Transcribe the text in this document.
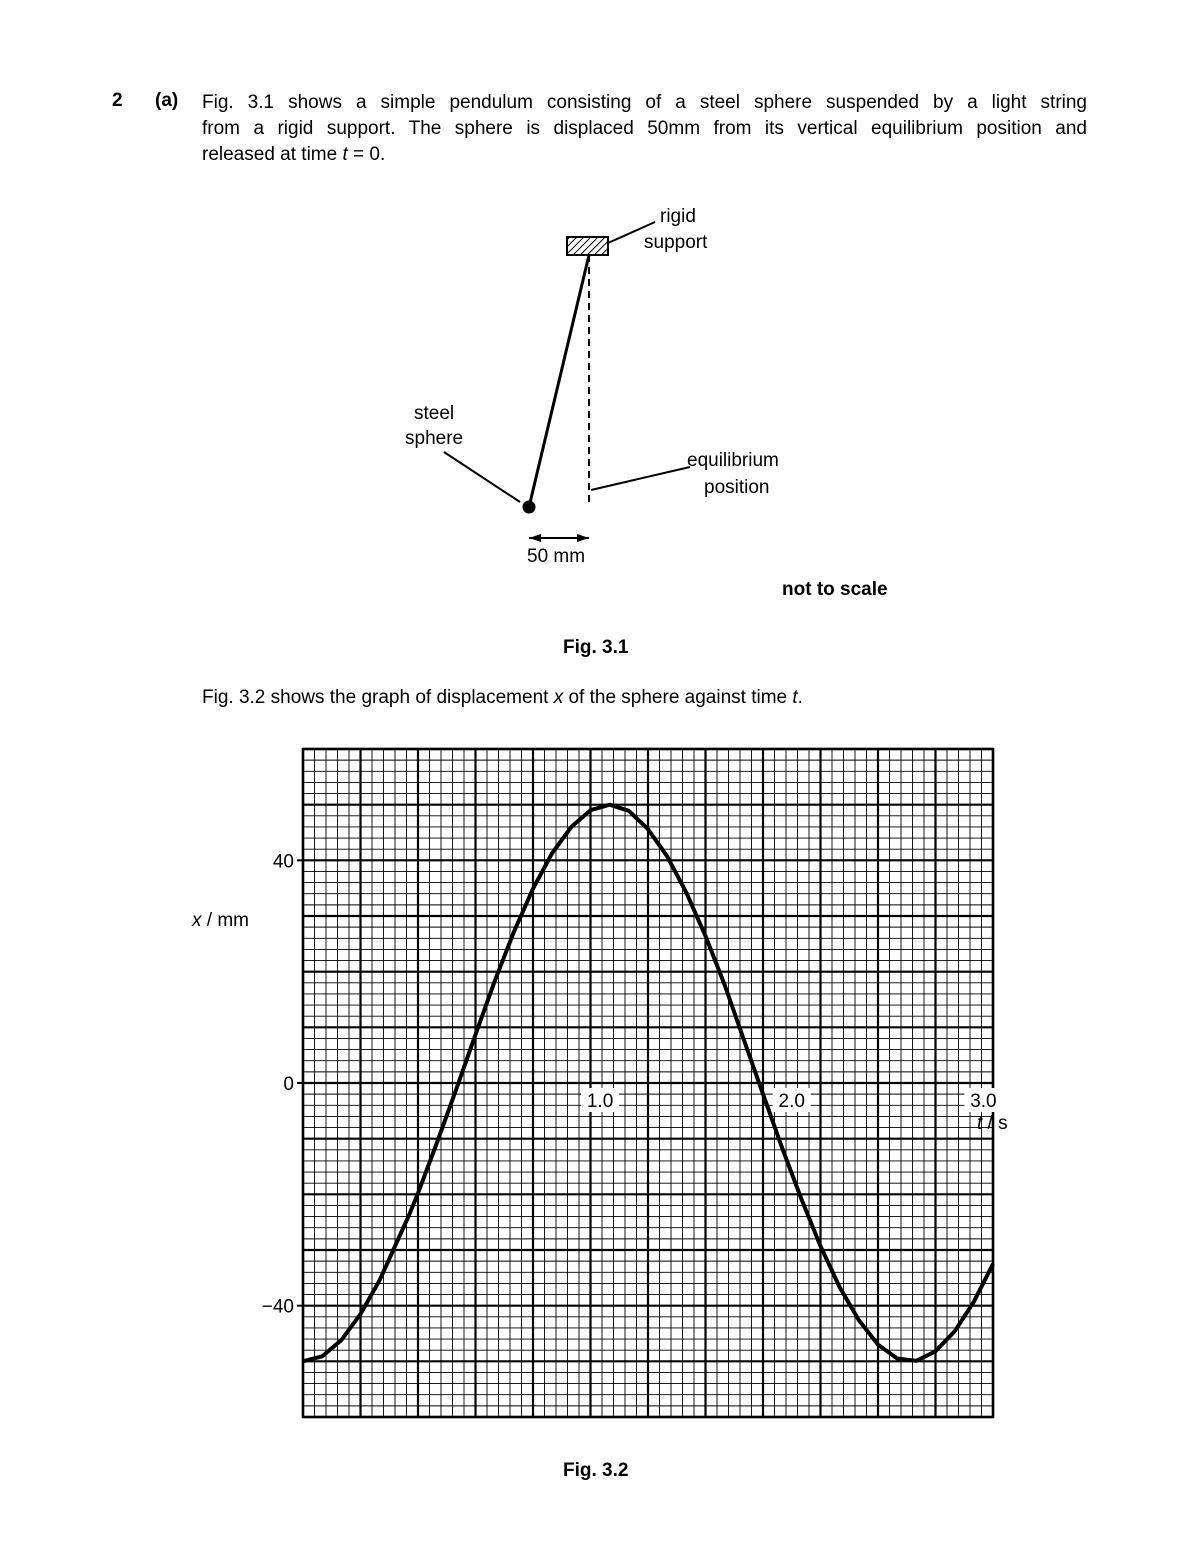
2 (a) Fig. 3.1 shows a simple pendulum consisting of a steel sphere suspended by a light string
from a rigid support. The sphere is displaced 50mm from its vertical equilibrium position and
released at time t = 0.
rigid
support
steel
sphere
equilibrium
position
50 mm
not to scale
Fig. 3.1
Fig. 3.2 shows the graph of displacement x of the sphere against time t.
40
0
−40
1.0	2.0	3.0
x / mm
t / s
Fig. 3.2
